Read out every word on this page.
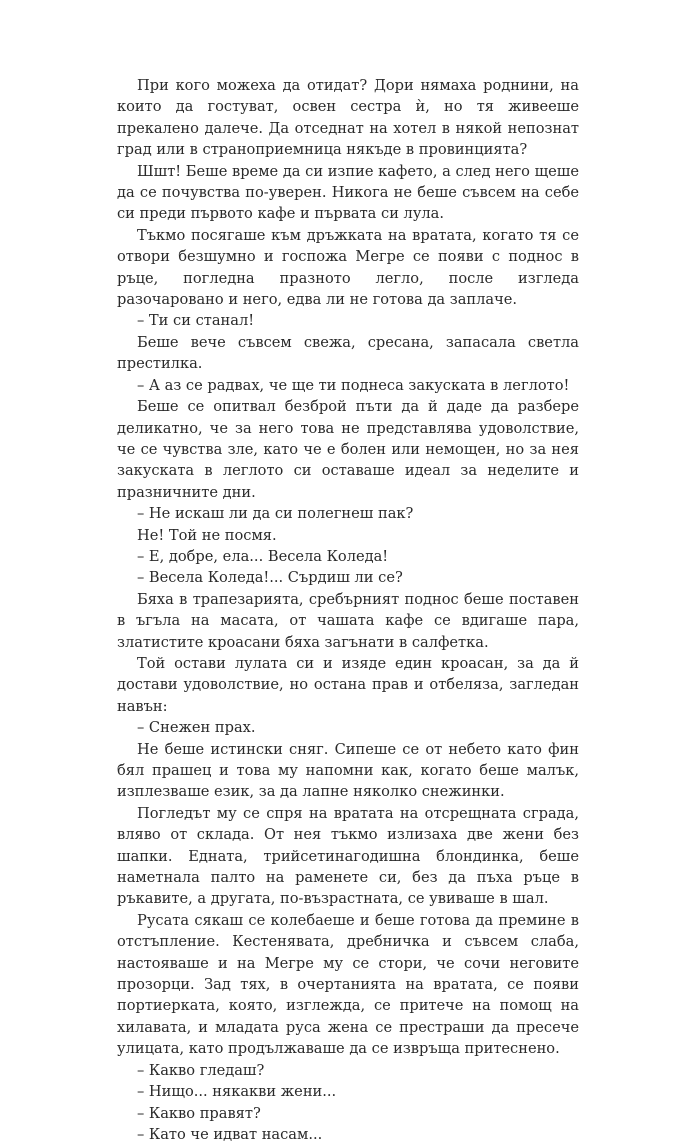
При кого можеха да отидат? Дори нямаха роднини, на които да гостуват, освен сестра ѝ, но тя живееше прекалено далече. Да отседнат на хотел в някой непознат град или в страноприемница някъде в провинцията?

Шшт! Беше време да си изпие кафето, а след него щеше да се почувства по-уверен. Никога не беше съвсем на себе си преди първото кафе и първата си лула.

Тъкмо посягаше към дръжката на вратата, когато тя се отвори безшумно и госпожа Мегре се появи с поднос в ръце, погледна празното легло, после изгледа разочаровано и него, едва ли не готова да заплаче.

– Ти си станал!

Беше вече съвсем свежа, сресана, запасала светла престилка.

– А аз се радвах, че ще ти поднеса закуската в леглото!

Беше се опитвал безброй пъти да й даде да разбере деликатно, че за него това не представлява удоволствие, че се чувства зле, като че е болен или немощен, но за нея закуската в леглото си оставаше идеал за неделите и празничните дни.

– Не искаш ли да си полегнеш пак?

Не! Той не посмя.

– Е, добре, ела... Весела Коледа!

– Весела Коледа!... Сърдиш ли се?

Бяха в трапезарията, сребърният поднос беше поставен в ъгъла на масата, от чашата кафе се вдигаше пара, златистите кроасани бяха загънати в салфетка.

Той остави лулата си и изяде един кроасан, за да й достави удоволствие, но остана прав и отбеляза, загледан навън:

– Снежен прах.

Не беше истински сняг. Сипеше се от небето като фин бял прашец и това му напомни как, когато беше малък, изплезваше език, за да лапне няколко снежинки.

Погледът му се спря на вратата на отсрещната сграда, вляво от склада. От нея тъкмо излизаха две жени без шапки. Едната, трийсетинагодишна блондинка, беше наметнала палто на раменете си, без да пъха ръце в ръкавите, а другата, по-възрастната, се увиваше в шал.

Русата сякаш се колебаеше и беше готова да премине в отстъпление. Кестенявата, дребничка и съвсем слаба, настояваше и на Мегре му се стори, че сочи неговите прозорци. Зад тях, в очертанията на вратата, се появи портиерката, която, изглежда, се притече на помощ на хилавата, и младата руса жена се престраши да пресече улицата, като продължаваше да се извръща притеснено.

– Какво гледаш?

– Нищо... някакви жени...

– Какво правят?

– Като че идват насам...
